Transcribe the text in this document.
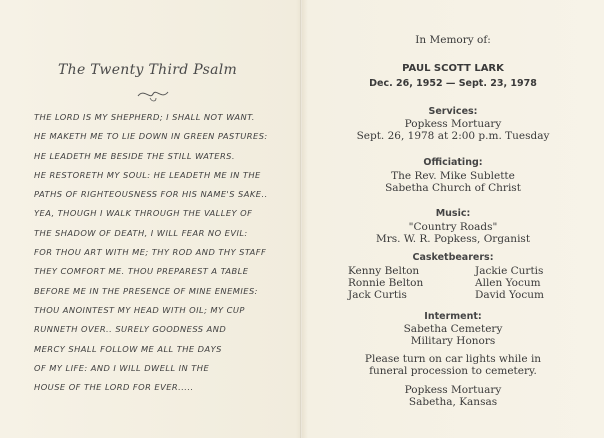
The Twenty Third Psalm
THE LORD IS MY SHEPHERD; I SHALL NOT WANT.
HE MAKETH ME TO LIE DOWN IN GREEN PASTURES:
HE LEADETH ME BESIDE THE STILL WATERS.
HE RESTORETH MY SOUL: HE LEADETH ME IN THE
PATHS OF RIGHTEOUSNESS FOR HIS NAME'S SAKE..
YEA, THOUGH I WALK THROUGH THE VALLEY OF
THE SHADOW OF DEATH, I WILL FEAR NO EVIL:
FOR THOU ART WITH ME; THY ROD AND THY STAFF
THEY COMFORT ME. THOU PREPAREST A TABLE
BEFORE ME IN THE PRESENCE OF MINE ENEMIES:
THOU ANOINTEST MY HEAD WITH OIL; MY CUP
RUNNETH OVER.. SURELY GOODNESS AND
MERCY SHALL FOLLOW ME ALL THE DAYS
OF MY LIFE: AND I WILL DWELL IN THE
HOUSE OF THE LORD FOR EVER.....
In Memory of:
PAUL SCOTT LARK
Dec. 26, 1952 — Sept. 23, 1978
Services:
Popkess Mortuary
Sept. 26, 1978 at 2:00 p.m. Tuesday
Officiating:
The Rev. Mike Sublette
Sabetha Church of Christ
Music:
"Country Roads"
Mrs. W. R. Popkess, Organist
Casketbearers:
Kenny Belton	Jackie Curtis
Ronnie Belton	Allen Yocum
Jack Curtis	David Yocum
Interment:
Sabetha Cemetery
Military Honors
Please turn on car lights while in
funeral procession to cemetery.
Popkess Mortuary
Sabetha, Kansas
